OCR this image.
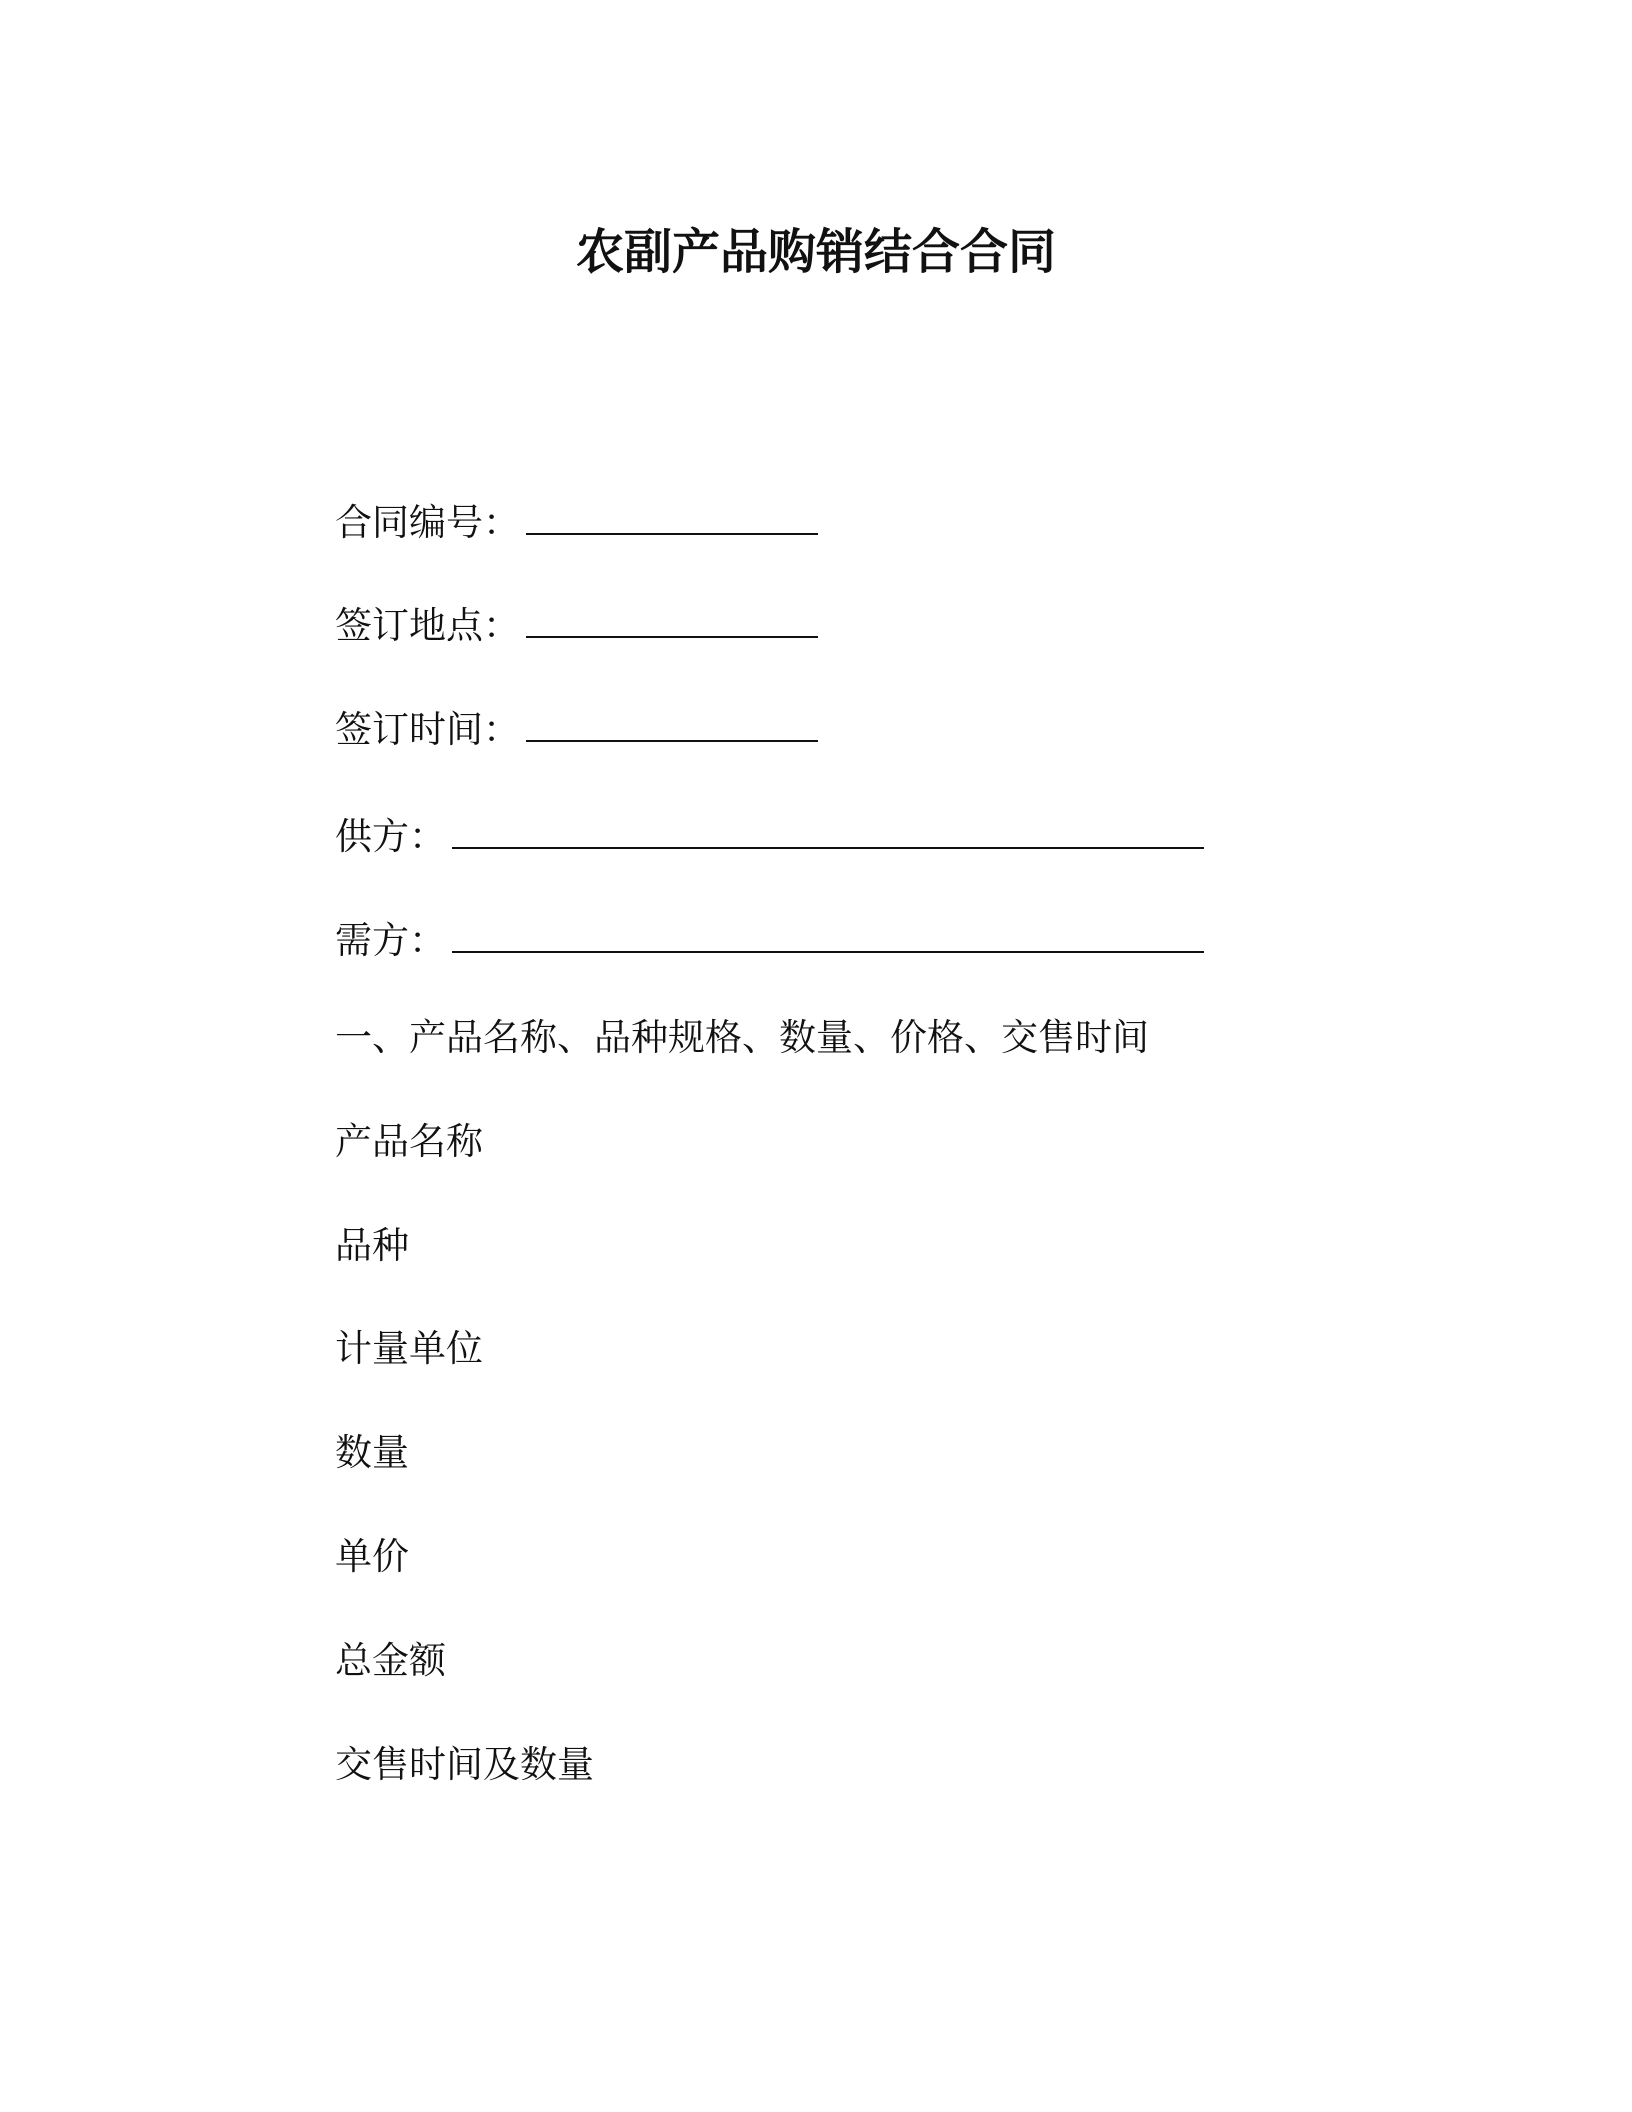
农副产品购销结合合同
合同编号：
签订地点：
签订时间：
供方：
需方：
一、产品名称、品种规格、数量、价格、交售时间
产品名称
品种
计量单位
数量
单价
总金额
交售时间及数量
